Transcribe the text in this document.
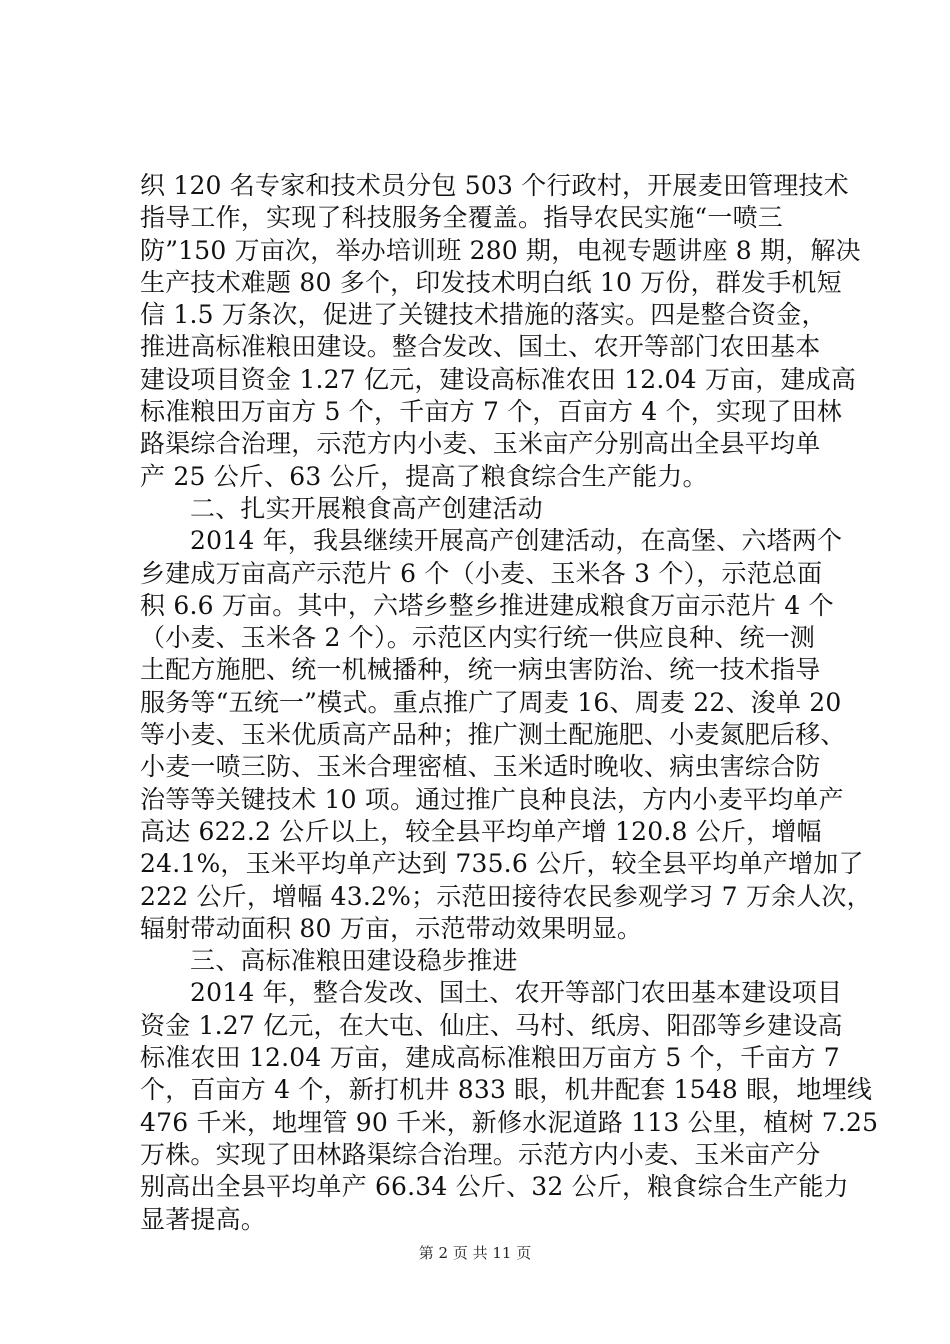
织 120 名专家和技术员分包 503 个行政村，开展麦田管理技术
指导工作，实现了科技服务全覆盖。指导农民实施“一喷三
防”150 万亩次，举办培训班 280 期，电视专题讲座 8 期，解决
生产技术难题 80 多个，印发技术明白纸 10 万份，群发手机短
信 1.5 万条次，促进了关键技术措施的落实。四是整合资金，
推进高标准粮田建设。整合发改、国土、农开等部门农田基本
建设项目资金 1.27 亿元，建设高标准农田 12.04 万亩，建成高
标准粮田万亩方 5 个，千亩方 7 个，百亩方 4 个，实现了田林
路渠综合治理，示范方内小麦、玉米亩产分别高出全县平均单
产 25 公斤、63 公斤，提高了粮食综合生产能力。
二、扎实开展粮食高产创建活动
2014 年，我县继续开展高产创建活动，在高堡、六塔两个
乡建成万亩高产示范片 6 个（小麦、玉米各 3 个），示范总面
积 6.6 万亩。其中，六塔乡整乡推进建成粮食万亩示范片 4 个
（小麦、玉米各 2 个）。示范区内实行统一供应良种、统一测
土配方施肥、统一机械播种，统一病虫害防治、统一技术指导
服务等“五统一”模式。重点推广了周麦 16、周麦 22、浚单 20
等小麦、玉米优质高产品种；推广测土配施肥、小麦氮肥后移、
小麦一喷三防、玉米合理密植、玉米适时晚收、病虫害综合防
治等等关键技术 10 项。通过推广良种良法，方内小麦平均单产
高达 622.2 公斤以上，较全县平均单产增 120.8 公斤，增幅
24.1%，玉米平均单产达到 735.6 公斤，较全县平均单产增加了
222 公斤，增幅 43.2%；示范田接待农民参观学习 7 万余人次，
辐射带动面积 80 万亩，示范带动效果明显。
三、高标准粮田建设稳步推进
2014 年，整合发改、国土、农开等部门农田基本建设项目
资金 1.27 亿元，在大屯、仙庄、马村、纸房、阳邵等乡建设高
标准农田 12.04 万亩，建成高标准粮田万亩方 5 个，千亩方 7
个，百亩方 4 个，新打机井 833 眼，机井配套 1548 眼，地埋线
476 千米，地埋管 90 千米，新修水泥道路 113 公里，植树 7.25
万株。实现了田林路渠综合治理。示范方内小麦、玉米亩产分
别高出全县平均单产 66.34 公斤、32 公斤，粮食综合生产能力
显著提高。
第 2 页 共 11 页
